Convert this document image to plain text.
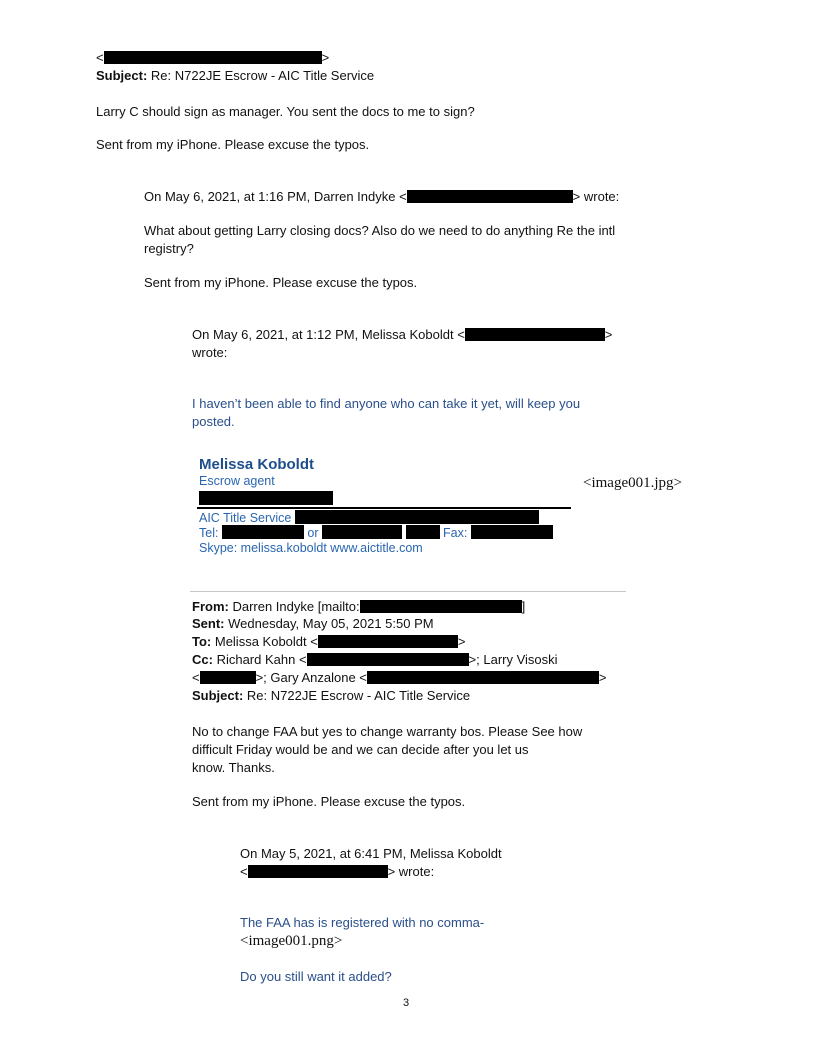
<	>
Subject: Re: N722JE Escrow - AIC Title Service
Larry C should sign as manager. You sent the docs to me to sign?
Sent from my iPhone. Please excuse the typos.
On May 6, 2021, at 1:16 PM, Darren Indyke <	> wrote:
What about getting Larry closing docs? Also do we need to do anything Re the intl
registry?
Sent from my iPhone. Please excuse the typos.
On May 6, 2021, at 1:12 PM, Melissa Koboldt <	>
wrote:
I haven’t been able to find anyone who can take it yet, will keep you
posted.
Melissa Koboldt
Escrow agent	<image001.jpg>
AIC Title Service
Tel:	or	Fax:
Skype: melissa.koboldt www.aictitle.com
From: Darren Indyke [mailto:	]
Sent: Wednesday, May 05, 2021 5:50 PM
To: Melissa Koboldt <	>
Cc: Richard Kahn <	>; Larry Visoski
<	>; Gary Anzalone <	>
Subject: Re: N722JE Escrow - AIC Title Service
No to change FAA but yes to change warranty bos. Please See how
difficult Friday would be and we can decide after you let us
know. Thanks.
Sent from my iPhone. Please excuse the typos.
On May 5, 2021, at 6:41 PM, Melissa Koboldt
<	> wrote:
The FAA has is registered with no comma-
<image001.png>
Do you still want it added?
3
